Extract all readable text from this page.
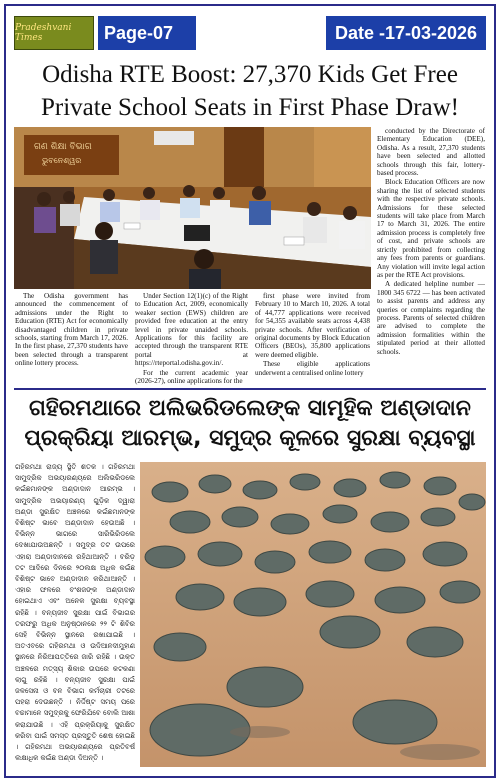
Pradeshvani Times	Page-07	Date -17-03-2026
Odisha RTE Boost: 27,370 Kids Get Free
Private School Seats in First Phase Draw!
ଗଣ ଶିକ୍ଷା ବିଭାଗ
ଭୁବନେଶ୍ୱର

The Odisha government has announced the commencement of admissions under the Right to Education (RTE) Act for economically disadvantaged children in private schools, starting from March 17, 2026. In the first phase, 27,370 students have been selected through a transparent online lottery process.

Under Section 12(1)(c) of the Right to Education Act, 2009, economically weaker section (EWS) children are provided free education at the entry level in private unaided schools. Applications for this facility are accepted through the transparent RTE portal at https://rteportal.odisha.gov.in/.

For the current academic year (2026-27), online applications for the

first phase were invited from February 10 to March 10, 2026. A total of 44,777 applications were received for 54,355 available seats across 4,438 private schools. After verification of original documents by Block Education Officers (BEOs), 35,800 applications were deemed eligible.

These eligible applications underwent a centralised online lottery

conducted by the Directorate of Elementary Education (DEE), Odisha. As a result, 27,370 students have been selected and allotted schools through this fair, lottery-based process.

Block Education Officers are now sharing the list of selected students with the respective private schools. Admissions for these selected students will take place from March 17 to March 31, 2026. The entire admission process is completely free of cost, and private schools are strictly prohibited from collecting any fees from parents or guardians. Any violation will invite legal action as per the RTE Act provisions.

A dedicated helpline number — 1800 345 6722 — has been activated to assist parents and address any queries or complaints regarding the process. Parents of selected children are advised to complete the admission formalities within the stipulated period at their allotted schools.

ଗହିରମଥାରେ ଅଲିଭରିଡଲେଙ୍କ ସାମୂହିକ ଅଣ୍ଡାଦାନ
ପ୍ରକ୍ରିୟା ଆରମ୍ଭ, ସମୁଦ୍ର କୂଳରେ ସୁରକ୍ଷା ବ୍ୟବସ୍ଥା

ଗହିରମଥା ରାଜ୍ୟ ସ୍ଥିତି ଶତକ । ଗହିରମଥା ସାମୁଦ୍ରିକ ଅଭୟାରଣ୍ୟରେ ଅଲିଭରିଡଲେ କଇଁଛମାନଙ୍କ ଅଣ୍ଡାଦାନ ଆରମ୍ଭ । ସାମୁଦ୍ରିକ ଅଭୟାରଣ୍ୟ ଗୁଡ଼ିକ ଦ୍ୱାରା ଅଣ୍ଡା ସୁରକ୍ଷିତ ଅଞ୍ଚଳରେ କଇଁଛମାନଙ୍କ ବିଶିଷ୍ଟ ଭାବେ ଅଣ୍ଡାଦାନ ହେଉଅଛି । ବିଭିନ୍ନ ଭାଗରେ ସାରିଭିରିଡଲେ ଦେଖାଯାଉଅଛନ୍ତି । ସମୁଦ୍ର ତଟ ଉପରେ ଏହାରା ଅଣ୍ଡାଦାନରେ ରହିଥାଆନ୍ତି । ବରିଡ଼ ତଟ ଆଦିରେ ଦିନରେ ୨୦ଲକ୍ଷ ଅଧିକ କଇଁଛ ବିଶିଷ୍ଟ ଭାବେ ଅଣ୍ଡାଦାନ କରିଥାଆନ୍ତି । ଏହାର ଫଳରେ ବଂଶଜଙ୍କ ଅଣ୍ଡାଦାନ ହୋଇଥାଏ ଏବଂ ଅନେକ ସୁରକ୍ଷା ବ୍ୟବସ୍ଥା ରହିଛି । ବନ୍ୟଜୀବ ସୁରକ୍ଷା ପାଇଁ ବିଭାଗର ତରଫରୁ ଅଧିକ ଅନୁଷ୍ଠାନରେ ୨୨ ଟି ଶିବିର ସେହି ବିଭିନ୍ନ ସ୍ଥାନରେ ରଖାଯାଇଛି । ଅତଏବରେ ଗହିରମଥା ଓ ଉଦିଆନଦୀମୁହାଣ ସ୍ଥାନରେ ନିରିଆପତ୍ତିରେ ଜାରି ରହିଛି । ଉକ୍ତ ଅଞ୍ଚଳରେ ମତ୍ସ୍ୟ ଶିକାର ଉପରେ କଟକଣା ଲାଗୁ ରହିଛି । ବନ୍ୟଜୀବ ସୁରକ୍ଷା ପାଇଁ ଜଳସେନା ଓ ବନ ବିଭାଗ କର୍ମଚାରୀ ତଟରେ ପହରା ଦେଉଛନ୍ତି । ନିର୍ଦ୍ଦିଷ୍ଟ ସମୟ ପରେ ବଚ୍ଚାମାନେ ସମୁଦ୍ରକୁ ଫେରିଯିବେ ବୋଲି ଆଶା କରାଯାଉଛି । ଏହି ପ୍ରକ୍ରିୟାକୁ ସୁରକ୍ଷିତ କରିବା ପାଇଁ ସମସ୍ତ ପ୍ରସ୍ତୁତି ଶେଷ ହୋଇଛି । ଗହିରମଥା ଅଭୟାରଣ୍ୟରେ ପ୍ରତିବର୍ଷ ଲକ୍ଷାଧିକ କଇଁଛ ଅଣ୍ଡା ଦିଅନ୍ତି ।
